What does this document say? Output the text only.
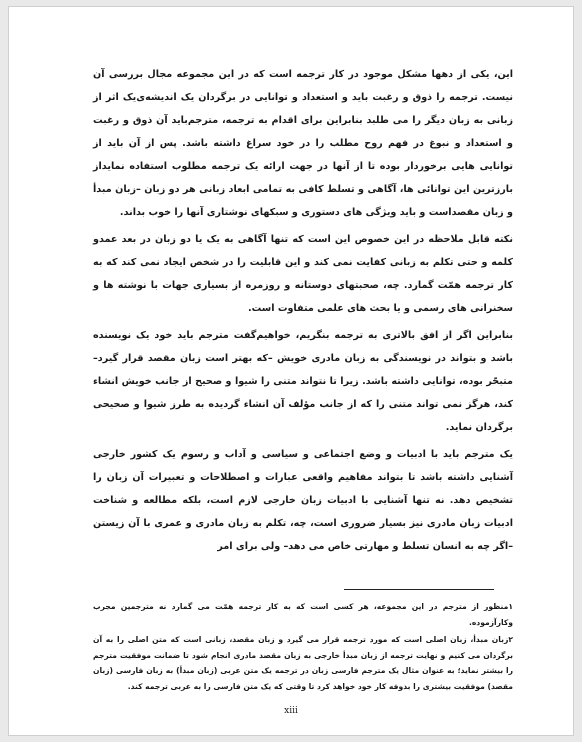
این، یکی از دهها مشکل موجود در کار ترجمه است که در این مجموعه مجال بررسی آن نیست. ترجمه را ذوق و رغبت باید و استعداد و توانایی در برگردان یک اندیشه‌ی‌یک اثر از زبانی به زبان دیگر را می طلبد بنابراین برای اقدام به ترجمه، مترجم‌باید آن ذوق و رغبت و استعداد و نبوغ در فهم روح مطلب را در خود سراغ داشته باشد. پس از آن باید از توانایی هایی برخوردار بوده تا از آنها در جهت ارائه یک ترجمه مطلوب استفاده نماید‌از بارزترین این توانائی ها، آگاهی و تسلط کافی به تمامی ابعاد زبانی هر دو زبان –زبان مبدأ و زبان مقصد‌است و باید ویژگی های دستوری و سبکهای نوشتاری آنها را خوب بداند.

نکته قابل ملاحظه در این خصوص این است که تنها آگاهی به یک یا دو زبان در بعد عمدو کلمه و حتی تکلم به زبانی کفایت نمی کند و این قابلیت را در شخص ایجاد نمی کند که به کار ترجمه همّت گمارد. چه، صحبتهای دوستانه و روزمره از بسیاری جهات با نوشته ها و سخنرانی های رسمی و یا بحث های علمی متفاوت است.

بنابراین اگر از افق بالاتری به ترجمه بنگریم، خواهیم‌گفت مترجم باید خود یک نویسنده باشد و بتواند در نویسندگی به زبان مادری خویش –که بهتر است زبان مقصد قرار گیرد– متبحّر بوده، توانایی داشته باشد. زیرا تا نتواند متنی را شیوا و صحیح از جانب خویش انشاء کند، هرگز نمی تواند متنی را که از جانب مؤلف آن انشاء گردیده به طرز شیوا و صحیحی برگردان نماید.

یک مترجم باید با ادبیات و وضع اجتماعی و سیاسی و آداب و رسوم یک کشور خارجی آشنایی داشته باشد تا بتواند مفاهیم واقعی عبارات و اصطلاحات و تعبیرات آن زبان را تشخیص دهد. نه تنها آشنایی با ادبیات زبان خارجی لازم است، بلکه مطالعه و شناخت ادبیات زبان مادری نیز بسیار ضروری است، چه، تکلم به زبان مادری و عمری با آن زیستن –اگر چه به انسان تسلط و مهارتی خاص می دهد– ولی برای امر

۱منظور از مترجم در این مجموعه، هر کسی است که به کار ترجمه همّت می گمارد نه مترجمین مجرب وکارآزموده.

۲زبان مبدأ، زبان اصلی است که مورد ترجمه قرار می گیرد و زبان مقصد، زبانی است که متن اصلی را به آن برگردان می کنیم و نهایت ترجمه از زبان مبدأ خارجی به زبان مقصد مادری انجام شود تا ضمانت موفقیت مترجم را بیشتر نماید؛ به عنوان مثال یک مترجم فارسی زبان در ترجمه یک متن عربی (زبان مبدأ) به زبان فارسی (زبان مقصد) موفقیت بیشتری را بدوفه کار خود خواهد کرد تا وقتی که یک متن فارسی را به عربی ترجمه کند.

xiii
